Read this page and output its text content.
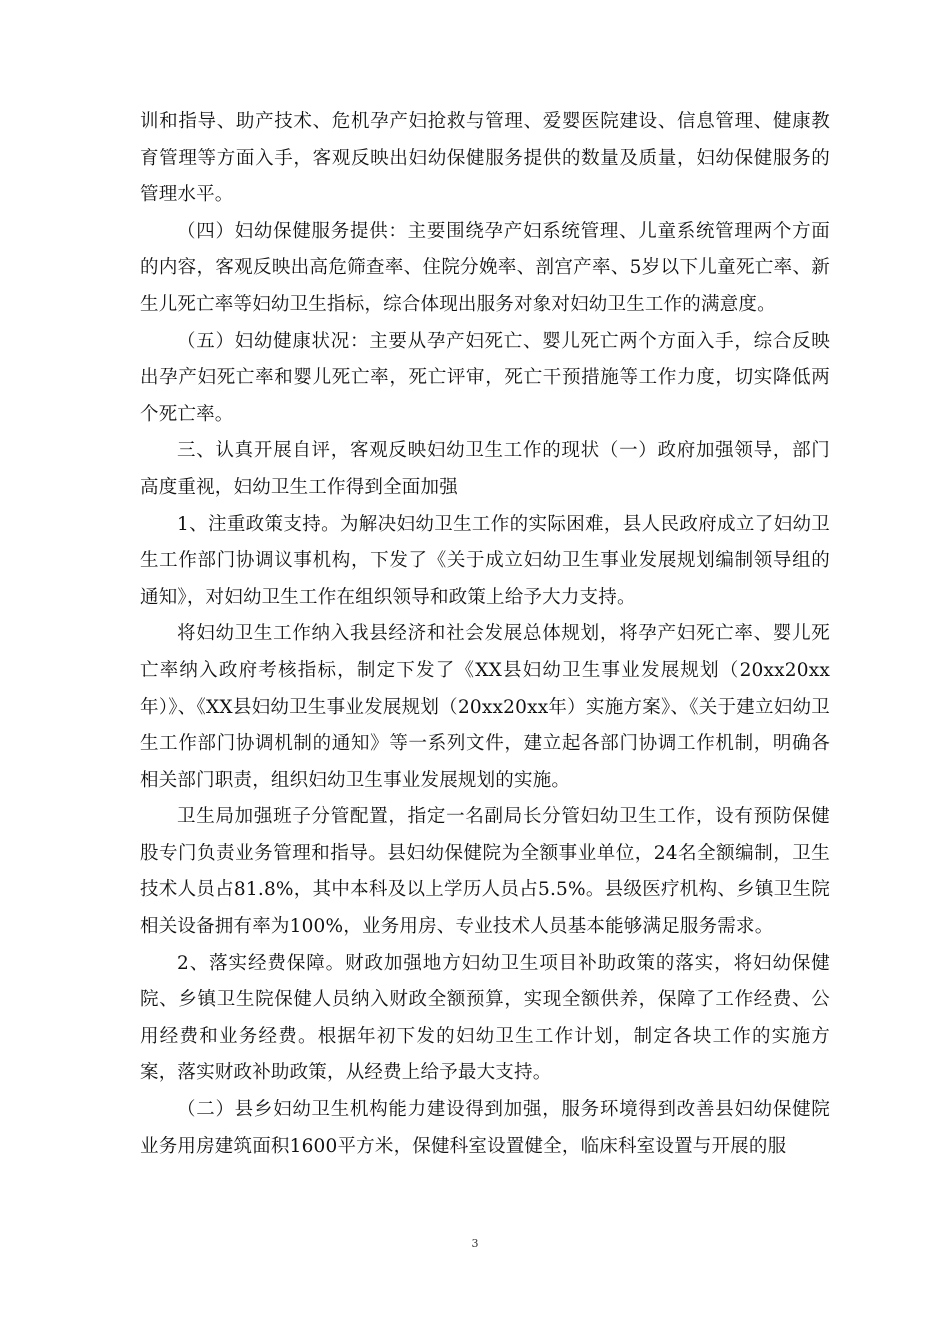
训和指导、助产技术、危机孕产妇抢救与管理、爱婴医院建设、信息管理、健康教育管理等方面入手，客观反映出妇幼保健服务提供的数量及质量，妇幼保健服务的管理水平。

（四）妇幼保健服务提供：主要围绕孕产妇系统管理、儿童系统管理两个方面的内容，客观反映出高危筛查率、住院分娩率、剖宫产率、5岁以下儿童死亡率、新生儿死亡率等妇幼卫生指标，综合体现出服务对象对妇幼卫生工作的满意度。

（五）妇幼健康状况：主要从孕产妇死亡、婴儿死亡两个方面入手，综合反映出孕产妇死亡率和婴儿死亡率，死亡评审，死亡干预措施等工作力度，切实降低两个死亡率。

三、认真开展自评，客观反映妇幼卫生工作的现状（一）政府加强领导，部门高度重视，妇幼卫生工作得到全面加强

1、注重政策支持。为解决妇幼卫生工作的实际困难，县人民政府成立了妇幼卫生工作部门协调议事机构，下发了《关于成立妇幼卫生事业发展规划编制领导组的通知》，对妇幼卫生工作在组织领导和政策上给予大力支持。

将妇幼卫生工作纳入我县经济和社会发展总体规划，将孕产妇死亡率、婴儿死亡率纳入政府考核指标，制定下发了《XX县妇幼卫生事业发展规划（20xx20xx年）》、《XX县妇幼卫生事业发展规划（20xx20xx年）实施方案》、《关于建立妇幼卫生工作部门协调机制的通知》等一系列文件，建立起各部门协调工作机制，明确各相关部门职责，组织妇幼卫生事业发展规划的实施。

卫生局加强班子分管配置，指定一名副局长分管妇幼卫生工作，设有预防保健股专门负责业务管理和指导。县妇幼保健院为全额事业单位，24名全额编制，卫生技术人员占81.8%，其中本科及以上学历人员占5.5%。县级医疗机构、乡镇卫生院相关设备拥有率为100%，业务用房、专业技术人员基本能够满足服务需求。

2、落实经费保障。财政加强地方妇幼卫生项目补助政策的落实，将妇幼保健院、乡镇卫生院保健人员纳入财政全额预算，实现全额供养，保障了工作经费、公用经费和业务经费。根据年初下发的妇幼卫生工作计划，制定各块工作的实施方案，落实财政补助政策，从经费上给予最大支持。

（二）县乡妇幼卫生机构能力建设得到加强，服务环境得到改善县妇幼保健院业务用房建筑面积1600平方米，保健科室设置健全，临床科室设置与开展的服

3
